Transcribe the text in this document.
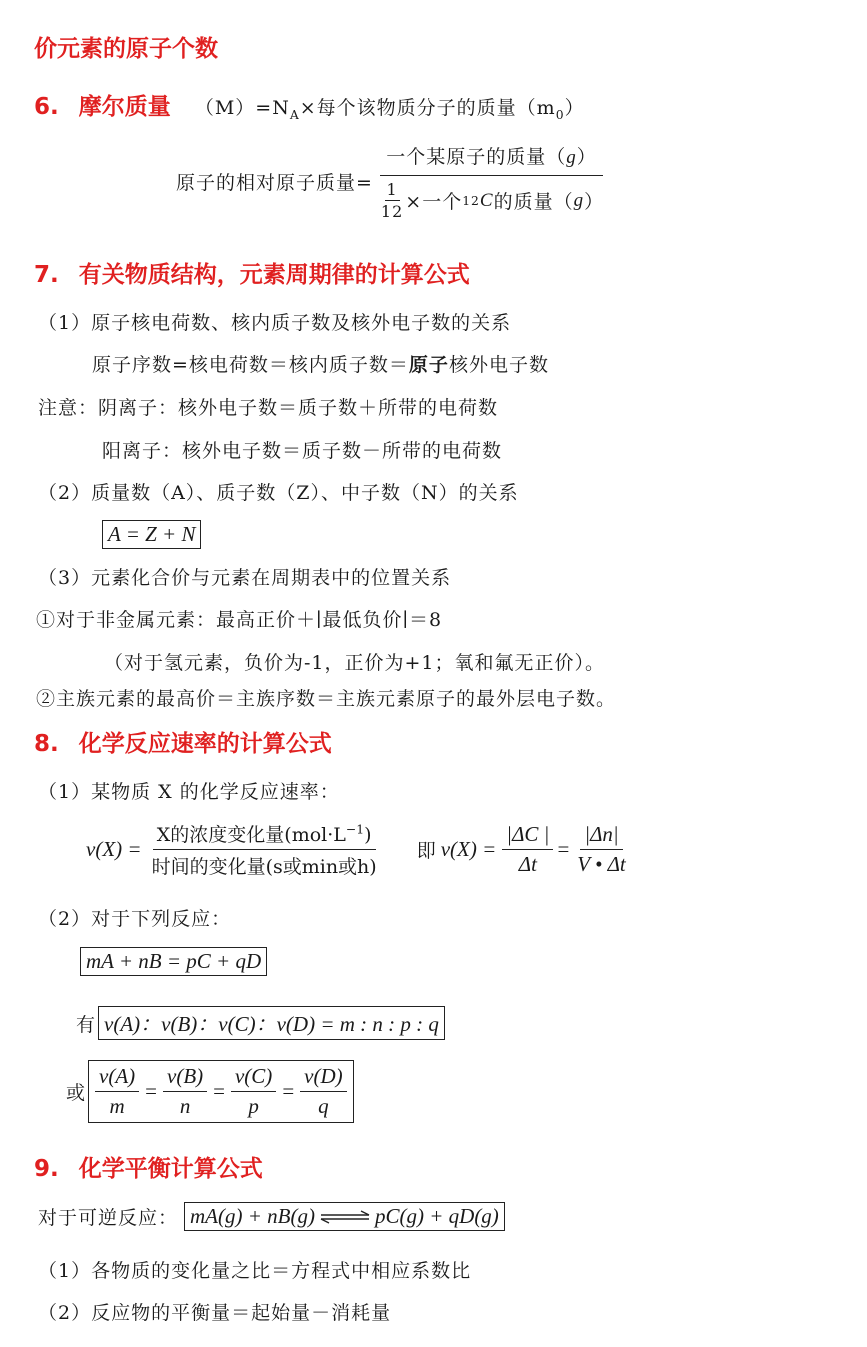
价元素的原子个数
6. 摩尔质量 $(M)=N_A\times$每个该物质分子的质量$(m_0)$
原子的相对原子质量= $\frac{\text{一个某原子的质量（g）}}{\frac{1}{12} \times 一个 12 C 的质量( g )}$
7. 有关物质结构，元素周期律的计算公式
（1）原子核电荷数、核内质子数及核外电子数的关系
原子序数=核电荷数＝核内质子数＝原子核外电子数
注意：阴离子：核外电子数＝质子数＋所带的电荷数
阳离子：核外电子数＝质子数－所带的电荷数
（2）质量数（A）、质子数（Z）、中子数（N）的关系
A = Z + N
（3）元素化合价与元素在周期表中的位置关系
①对于非金属元素：最高正价＋∣最低负价∣＝8
（对于氢元素，负价为-1，正价为+1；氧和氟无正价）。
②主族元素的最高价＝主族序数＝主族元素原子的最外层电子数。
8. 化学反应速率的计算公式
（1）某物质 X 的化学反应速率：
$v(X) = \frac{X的浓度变化量(mol\cdot L^{-1})}{\text{时间的变化量(s或min或h)}}$ 即 $v(X) = \frac{|\Delta C |}{\Delta t} = \frac{|\Delta n|}{V • \Delta t}$
（2）对于下列反应：
mA + nB = pC + qD
有 v(A)：v(B)：v(C)：v(D) = m : n : p : q
或 $\frac{v(A)}{m} = \frac{v(B)}{n} = \frac{v(C)}{p} = \frac{v(D)}{q}$
9. 化学平衡计算公式
对于可逆反应： mA(g) + nB(g) ⇌ pC(g) + qD(g)
（1）各物质的变化量之比＝方程式中相应系数比
（2）反应物的平衡量＝起始量－消耗量
